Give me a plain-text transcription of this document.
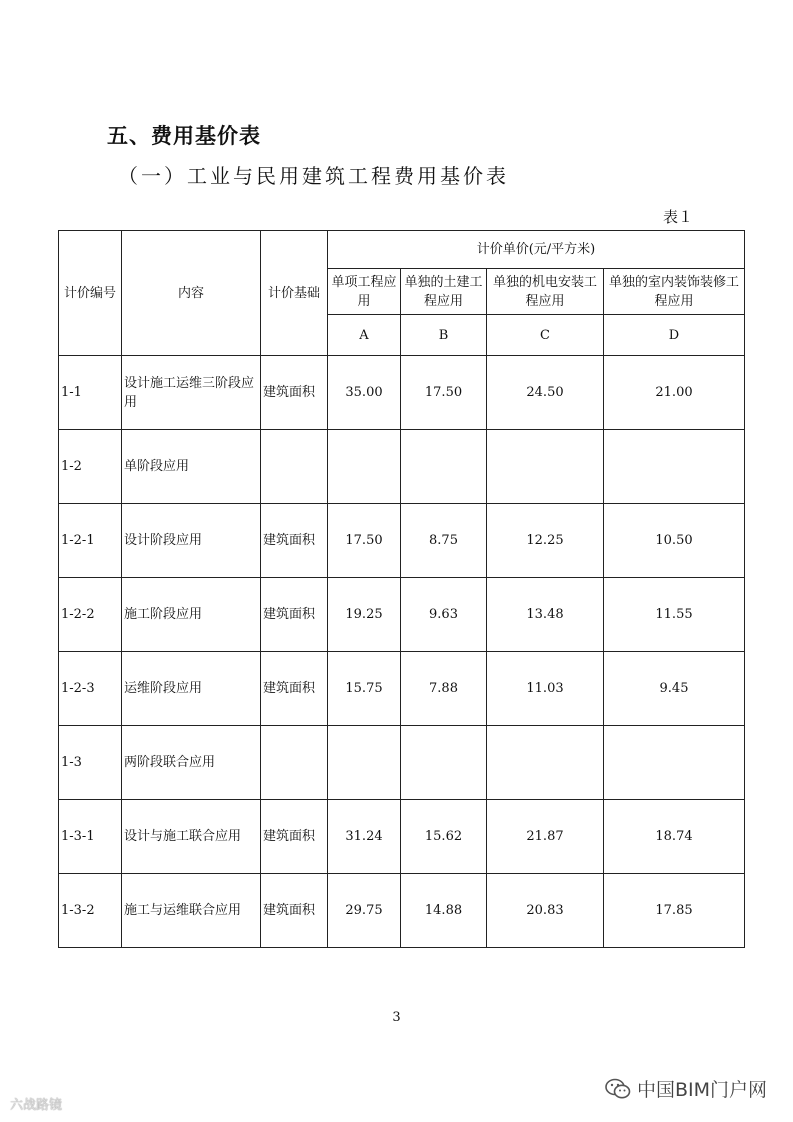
五、费用基价表
（一）工业与民用建筑工程费用基价表
表１
计价编号	内容	计价基础	计价单价(元/平方米)			
			单项工程应用	单独的土建工程应用	单独的机电安装工程应用	单独的室内装饰装修工程应用
			A	B	C	D
1-1	设计施工运维三阶段应用	建筑面积	35.00	17.50	24.50	21.00
1-2	单阶段应用					
1-2-1	设计阶段应用	建筑面积	17.50	8.75	12.25	10.50
1-2-2	施工阶段应用	建筑面积	19.25	9.63	13.48	11.55
1-2-3	运维阶段应用	建筑面积	15.75	7.88	11.03	9.45
1-3	两阶段联合应用					
1-3-1	设计与施工联合应用	建筑面积	31.24	15.62	21.87	18.74
1-3-2	施工与运维联合应用	建筑面积	29.75	14.88	20.83	17.85
3
六战路镜
中国BIM门户网
